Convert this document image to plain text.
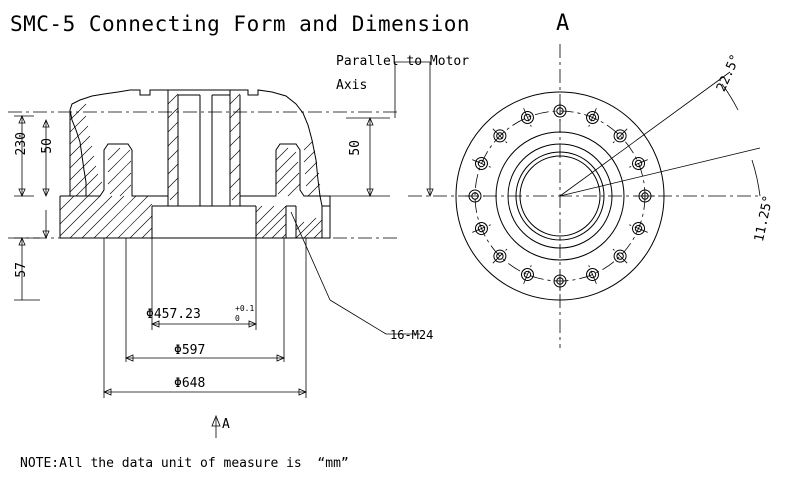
SMC-5 Connecting Form and Dimension	A
NOTE:All the data unit of measure is  “mm”
Parallel to Motor
Axis
230 50	50
57
Φ457.23	+0.1
0
Φ597
Φ648
16-M24
A
22.5°
11.25°
